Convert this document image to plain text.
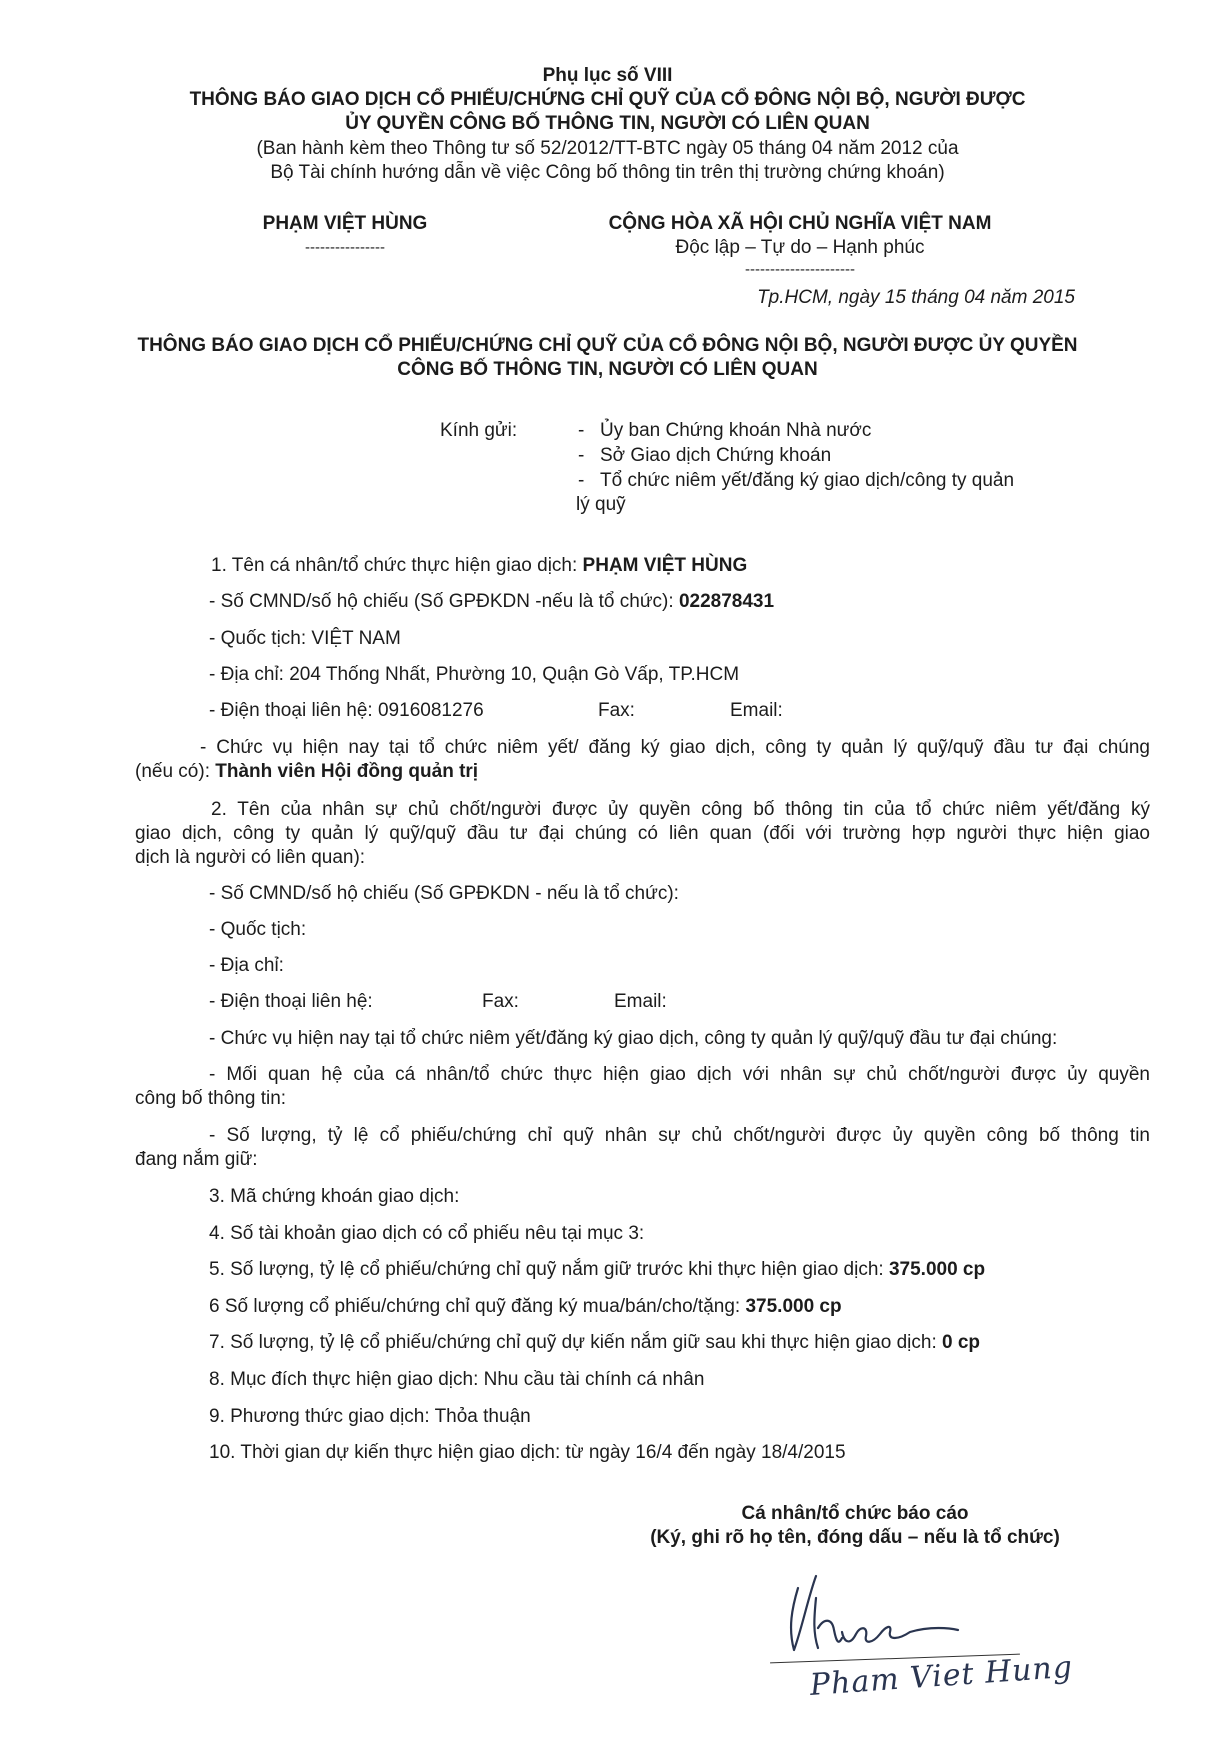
Phụ lục số VIII
THÔNG BÁO GIAO DỊCH CỔ PHIẾU/CHỨNG CHỈ QUỸ CỦA CỔ ĐÔNG NỘI BỘ, NGƯỜI ĐƯỢC
ỦY QUYỀN CÔNG BỐ THÔNG TIN, NGƯỜI CÓ LIÊN QUAN
(Ban hành kèm theo Thông tư số 52/2012/TT-BTC ngày 05 tháng 04 năm 2012 của
Bộ Tài chính hướng dẫn về việc Công bố thông tin trên thị trường chứng khoán)
PHẠM VIỆT HÙNG
----------------
CỘNG HÒA XÃ HỘI CHỦ NGHĨA VIỆT NAM
Độc lập – Tự do – Hạnh phúc
----------------------
Tp.HCM, ngày 15 tháng 04 năm 2015
THÔNG BÁO GIAO DỊCH CỔ PHIẾU/CHỨNG CHỈ QUỸ CỦA CỔ ĐÔNG NỘI BỘ, NGƯỜI ĐƯỢC ỦY QUYỀN
CÔNG BỐ THÔNG TIN, NGƯỜI CÓ LIÊN QUAN
Kính gửi:	- Ủy ban Chứng khoán Nhà nước
- Sở Giao dịch Chứng khoán
- Tổ chức niêm yết/đăng ký giao dịch/công ty quản
lý quỹ
1. Tên cá nhân/tổ chức thực hiện giao dịch: PHẠM VIỆT HÙNG
- Số CMND/số hộ chiếu (Số GPĐKDN -nếu là tổ chức): 022878431
- Quốc tịch: VIỆT NAM
- Địa chỉ: 204 Thống Nhất, Phường 10, Quận Gò Vấp, TP.HCM
- Điện thoại liên hệ: 0916081276	Fax:	Email:
- Chức vụ hiện nay tại tổ chức niêm yết/ đăng ký giao dịch, công ty quản lý quỹ/quỹ đầu tư đại chúng
(nếu có): Thành viên Hội đồng quản trị
2. Tên của nhân sự chủ chốt/người được ủy quyền công bố thông tin của tổ chức niêm yết/đăng ký
giao dịch, công ty quản lý quỹ/quỹ đầu tư đại chúng có liên quan (đối với trường hợp người thực hiện giao
dịch là người có liên quan):
- Số CMND/số hộ chiếu (Số GPĐKDN - nếu là tổ chức):
- Quốc tịch:
- Địa chỉ:
- Điện thoại liên hệ:	Fax:	Email:
- Chức vụ hiện nay tại tổ chức niêm yết/đăng ký giao dịch, công ty quản lý quỹ/quỹ đầu tư đại chúng:
- Mối quan hệ của cá nhân/tổ chức thực hiện giao dịch với nhân sự chủ chốt/người được ủy quyền
công bố thông tin:
- Số lượng, tỷ lệ cổ phiếu/chứng chỉ quỹ nhân sự chủ chốt/người được ủy quyền công bố thông tin
đang nắm giữ:
3. Mã chứng khoán giao dịch:
4. Số tài khoản giao dịch có cổ phiếu nêu tại mục 3:
5. Số lượng, tỷ lệ cổ phiếu/chứng chỉ quỹ nắm giữ trước khi thực hiện giao dịch: 375.000 cp
6 Số lượng cổ phiếu/chứng chỉ quỹ đăng ký mua/bán/cho/tặng: 375.000 cp
7. Số lượng, tỷ lệ cổ phiếu/chứng chỉ quỹ dự kiến nắm giữ sau khi thực hiện giao dịch: 0 cp
8. Mục đích thực hiện giao dịch: Nhu cầu tài chính cá nhân
9. Phương thức giao dịch: Thỏa thuận
10. Thời gian dự kiến thực hiện giao dịch: từ ngày 16/4 đến ngày 18/4/2015
Cá nhân/tổ chức báo cáo
(Ký, ghi rõ họ tên, đóng dấu – nếu là tổ chức)
Pham Viet Hung
